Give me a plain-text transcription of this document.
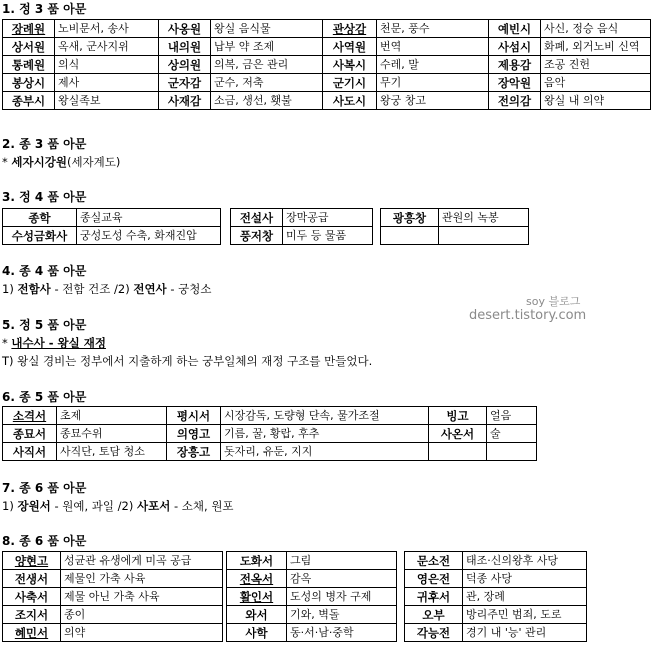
1. 정 3 품 아문
2. 종 3 품 아문
3. 정 4 품 아문
4. 종 4 품 아문
5. 정 5 품 아문
6. 종 5 품 아문
7. 종 6 품 아문
8. 종 6 품 아문
* 세자시강원(세자계도)
1) 전함사 - 전함 건조 /2) 전연사 - 궁청소
* 내수사 - 왕실 재정
T) 왕실 경비는 정부에서 지출하게 하는 궁부일체의 재정 구조를 만들었다.
1) 장원서 - 원예, 과일 /2) 사포서 - 소채, 원포
장례원	노비문서, 송사	사옹원	왕실 음식물	관상감	천문, 풍수	예빈시	사신, 정승 음식
상서원	옥새, 군사지위	내의원	납부 약 조제	사역원	번역	사섬시	화폐, 외거노비 신역
통례원	의식	상의원	의복, 금은 관리	사복시	수레, 말	제용감	조공 진헌
봉상시	제사	군자감	군수, 저축	군기시	무기	장악원	음악
종부시	왕실족보	사재감	소금, 생선, 횃불	사도시	왕궁 창고	전의감	왕실 내 의약
종학	종실교육		전설사	장막공급		광흥창	관원의 녹봉
수성금화사	궁성도성 수축, 화재진압		풍저창	미두 등 물품			
소격서	초제	평시서	시장감독, 도량형 단속, 물가조절	빙고	얼음
종묘서	종묘수위	의영고	기름, 꿀, 황랍, 후추	사온서	술
사직서	사직단, 토담 청소	장흥고	돗자리, 유둔, 지지		
양현고	성균관 유생에게 미곡 공급		도화서	그림		문소전	태조·신의왕후 사당
전생서	제물인 가축 사육		전옥서	감옥		영은전	덕종 사당
사축서	제물 아닌 가축 사육		활인서	도성의 병자 구제		귀후서	관, 장례
조지서	종이		와서	기와, 벽돌		오부	방리주민 범죄, 도로
혜민서	의약		사학	동·서·남·중학		각능전	경기 내 '능' 관리
soy 블로그
desert.tistory.com
